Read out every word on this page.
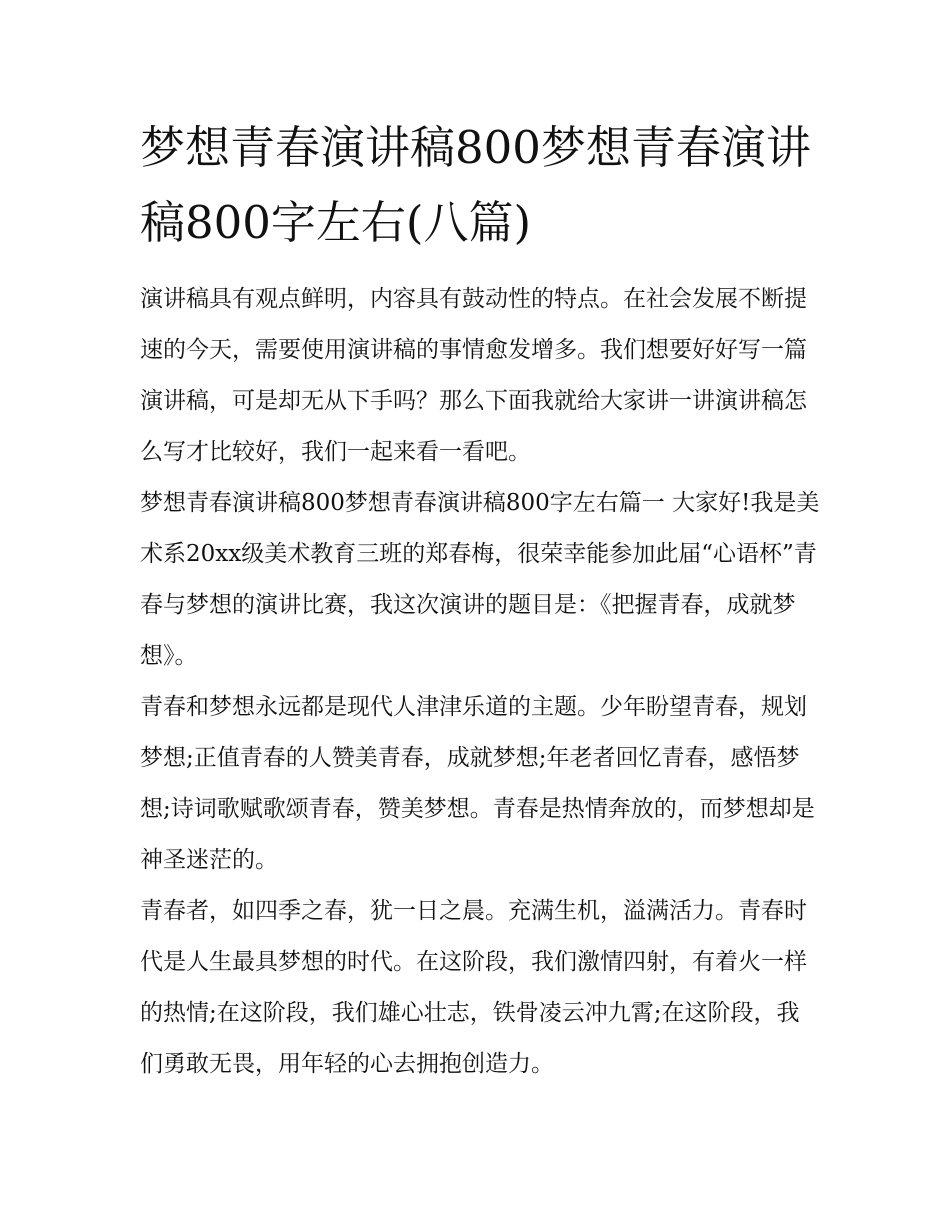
梦想青春演讲稿800梦想青春演讲稿800字左右(八篇)

演讲稿具有观点鲜明，内容具有鼓动性的特点。在社会发展不断提速的今天，需要使用演讲稿的事情愈发增多。我们想要好好写一篇演讲稿，可是却无从下手吗？那么下面我就给大家讲一讲演讲稿怎么写才比较好，我们一起来看一看吧。

梦想青春演讲稿800梦想青春演讲稿800字左右篇一 大家好!我是美术系20xx级美术教育三班的郑春梅，很荣幸能参加此届“心语杯”青春与梦想的演讲比赛，我这次演讲的题目是：《把握青春，成就梦想》。

青春和梦想永远都是现代人津津乐道的主题。少年盼望青春，规划梦想;正值青春的人赞美青春，成就梦想;年老者回忆青春，感悟梦想;诗词歌赋歌颂青春，赞美梦想。青春是热情奔放的，而梦想却是神圣迷茫的。

青春者，如四季之春，犹一日之晨。充满生机，溢满活力。青春时代是人生最具梦想的时代。在这阶段，我们激情四射，有着火一样的热情;在这阶段，我们雄心壮志，铁骨凌云冲九霄;在这阶段，我们勇敢无畏，用年轻的心去拥抱创造力。
